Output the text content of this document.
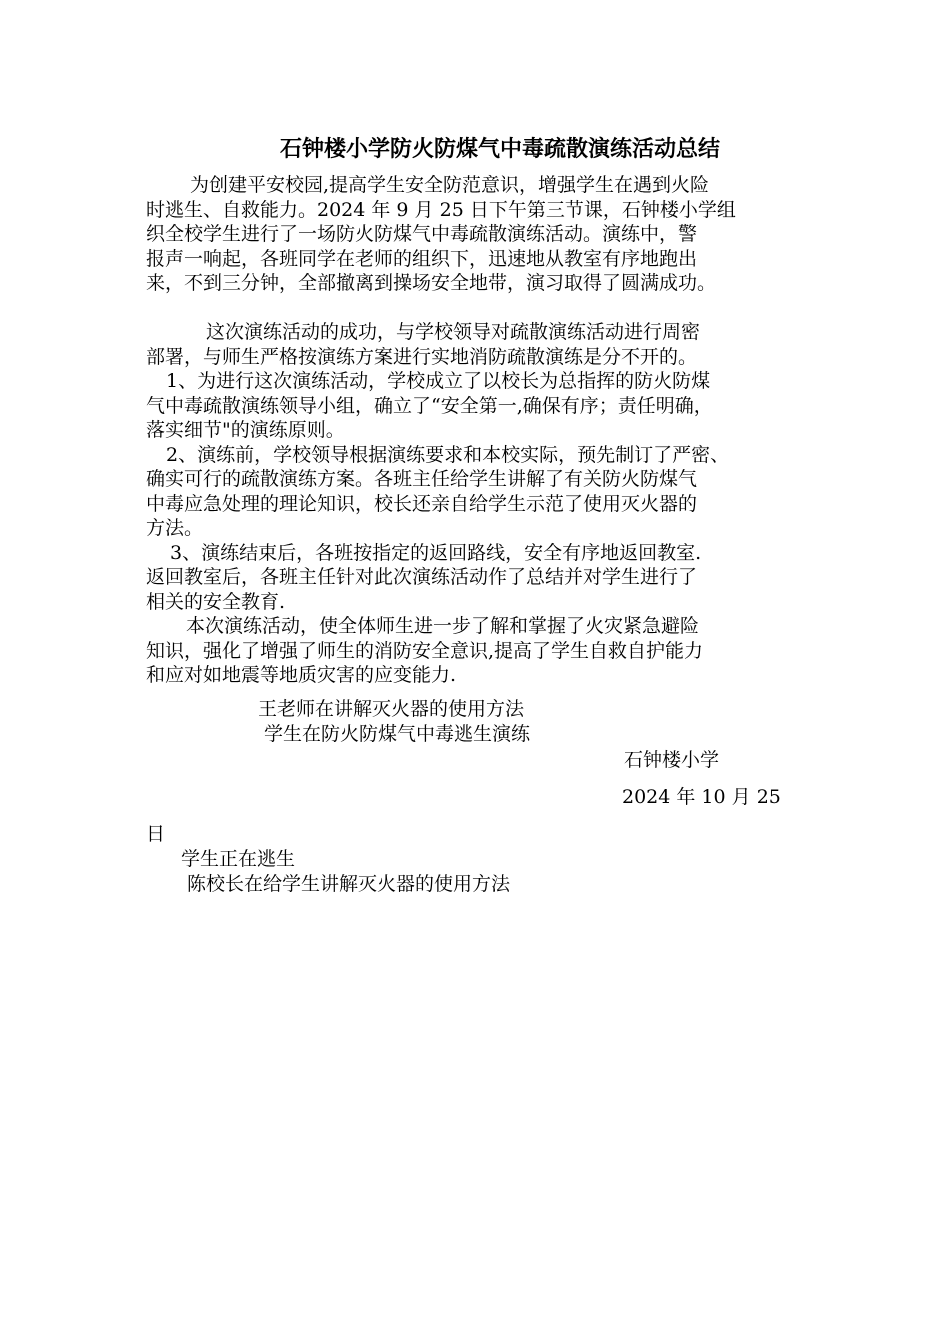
石钟楼小学防火防煤气中毒疏散演练活动总结
为创建平安校园,提高学生安全防范意识，增强学生在遇到火险
时逃生、自救能力。2024 年 9 月 25 日下午第三节课，石钟楼小学组
织全校学生进行了一场防火防煤气中毒疏散演练活动。演练中，警
报声一响起，各班同学在老师的组织下，迅速地从教室有序地跑出
来，不到三分钟，全部撤离到操场安全地带，演习取得了圆满成功。
这次演练活动的成功，与学校领导对疏散演练活动进行周密
部署，与师生严格按演练方案进行实地消防疏散演练是分不开的。
1、为进行这次演练活动，学校成立了以校长为总指挥的防火防煤
气中毒疏散演练领导小组，确立了“安全第一,确保有序；责任明确，
落实细节"的演练原则。
2、演练前，学校领导根据演练要求和本校实际，预先制订了严密、
确实可行的疏散演练方案。各班主任给学生讲解了有关防火防煤气
中毒应急处理的理论知识，校长还亲自给学生示范了使用灭火器的
方法。
3、演练结束后，各班按指定的返回路线，安全有序地返回教室.
返回教室后，各班主任针对此次演练活动作了总结并对学生进行了
相关的安全教育.
本次演练活动，使全体师生进一步了解和掌握了火灾紧急避险
知识，强化了增强了师生的消防安全意识,提高了学生自救自护能力
和应对如地震等地质灾害的应变能力.
王老师在讲解灭火器的使用方法
学生在防火防煤气中毒逃生演练
石钟楼小学
2024 年 10 月 25
日
学生正在逃生
陈校长在给学生讲解灭火器的使用方法
